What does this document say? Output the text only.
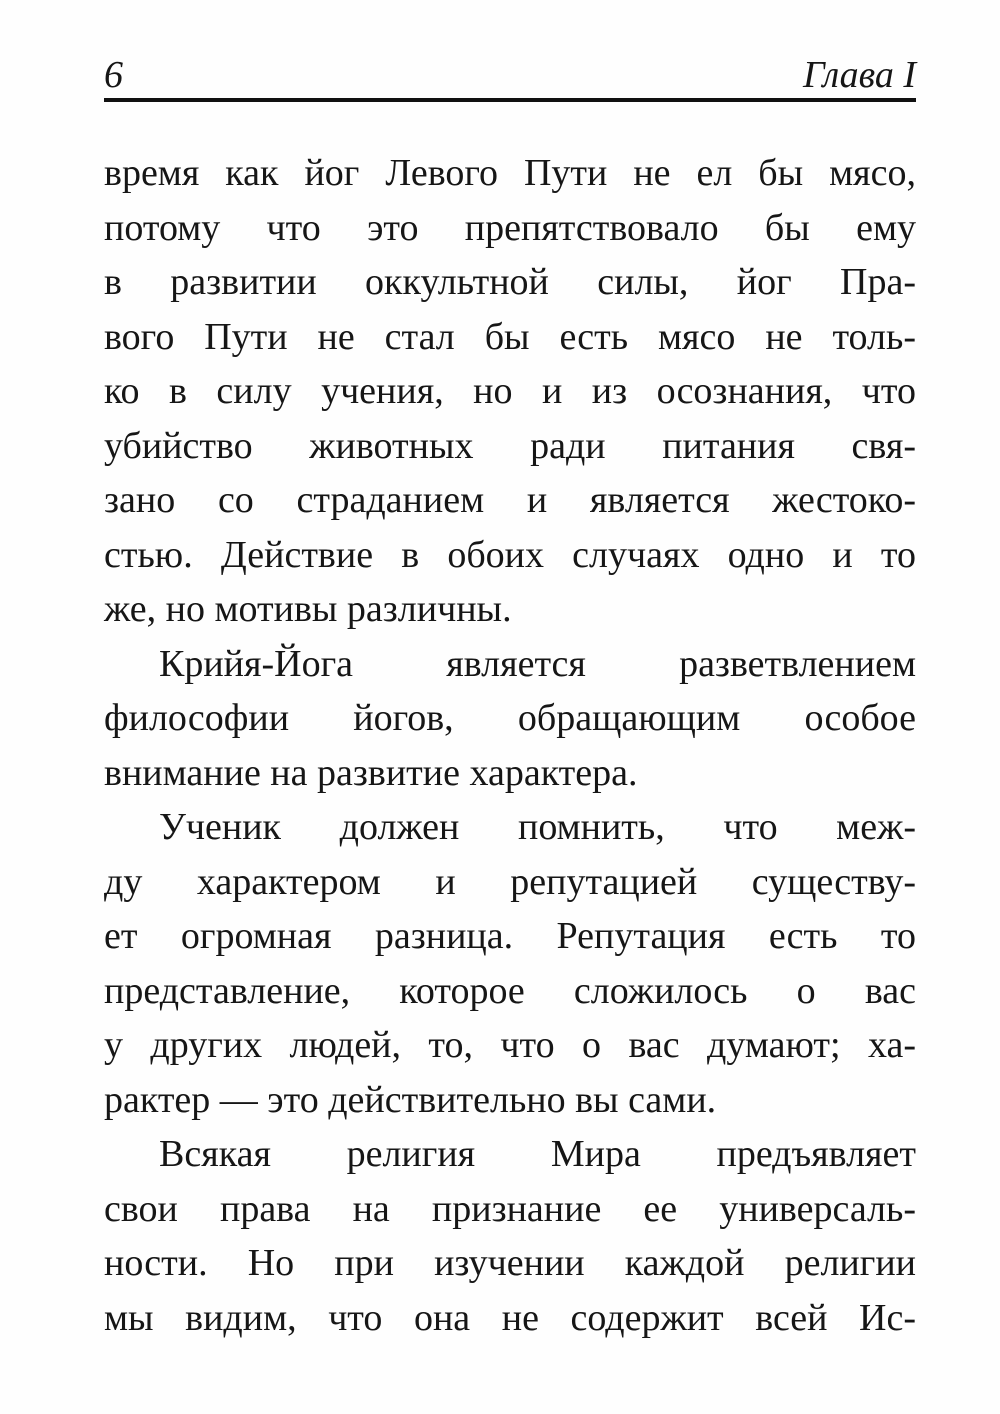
6	Глава I
время как йог Левого Пути не ел бы мясо,
потому что это препятствовало бы ему
в развитии оккультной силы, йог Пра-
вого Пути не стал бы есть мясо не толь-
ко в силу учения, но и из осознания, что
убийство животных ради питания свя-
зано со страданием и является жестоко-
стью. Действие в обоих случаях одно и то
же, но мотивы различны.
Крийя-Йога является разветвлением
философии йогов, обращающим особое
внимание на развитие характера.
Ученик должен помнить, что меж-
ду характером и репутацией существу-
ет огромная разница. Репутация есть то
представление, которое сложилось о вас
у других людей, то, что о вас думают; ха-
рактер — это действительно вы сами.
Всякая религия Мира предъявляет
свои права на признание ее универсаль-
ности. Но при изучении каждой религии
мы видим, что она не содержит всей Ис-
